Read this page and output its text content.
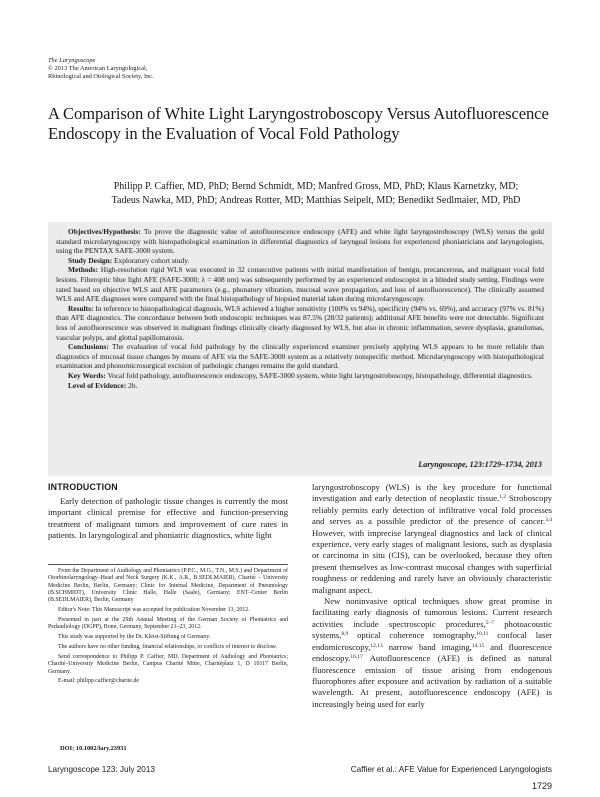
The Laryngoscope
© 2013 The American Laryngological,
Rhinological and Otological Society, Inc.
A Comparison of White Light Laryngostroboscopy Versus Autofluorescence Endoscopy in the Evaluation of Vocal Fold Pathology
Philipp P. Caffier, MD, PhD; Bernd Schmidt, MD; Manfred Gross, MD, PhD; Klaus Karnetzky, MD;
Tadeus Nawka, MD, PhD; Andreas Rotter, MD; Matthias Seipelt, MD; Benedikt Sedlmaier, MD, PhD

Objectives/Hypothesis: To prove the diagnostic value of autofluorescence endoscopy (AFE) and white light laryngostroboscopy (WLS) versus the gold standard microlaryngoscopy with histopathological examination in differential diagnostics of laryngeal lesions for experienced phoniatricians and laryngologists, using the PENTAX SAFE-3000 system.

Study Design: Exploratory cohort study.

Methods: High-resolution rigid WLS was executed in 32 consecutive patients with initial manifestation of benign, precancerous, and malignant vocal fold lesions. Fiberoptic blue light AFE (SAFE-3000; λ = 408 nm) was subsequently performed by an experienced endoscopist in a blinded study setting. Findings were rated based on objective WLS and AFE parameters (e.g., phonatory vibration, mucosal wave propagation, and loss of autofluorescence). The clinically assumed WLS and AFE diagnoses were compared with the final histopathology of biopsied material taken during microlaryngoscopy.

Results: In reference to histopathological diagnosis, WLS achieved a higher sensitivity (100% vs 94%), specificity (94% vs. 69%), and accuracy (97% vs. 81%) than AFE diagnostics. The concordance between both endoscopic techniques was 87.5% (28/32 patients); additional AFE benefits were not detectable. Significant loss of autofluorescence was observed in malignant findings clinically clearly diagnosed by WLS, but also in chronic inflammation, severe dysplasia, granulomas, vascular polyps, and glottal papillomatosis.

Conclusions: The evaluation of vocal fold pathology by the clinically experienced examiner precisely applying WLS appears to be more reliable than diagnostics of mucosal tissue changes by means of AFE via the SAFE-3000 system as a relatively nonspecific method. Microlaryngoscopy with histopathological examination and phonomicrosurgical excision of pathologic changes remains the gold standard.

Key Words: Vocal fold pathology, autofluorescence endoscopy, SAFE-3000 system, white light laryngostroboscopy, histopathology, differential diagnostics.

Level of Evidence: 2b.

Laryngoscope, 123:1729–1734, 2013
INTRODUCTION

Early detection of pathologic tissue changes is currently the most important clinical premise for effective and function-preserving treatment of malignant tumors and improvement of cure rates in patients. In laryngological and phoniatric diagnostics, white light

From the Department of Audiology and Phoniatrics (P.P.C., M.G., T.N., M.S.) and Department of Otorhinolaryngology–Head and Neck Surgery (K.K., A.R., B.SEDLMAIER), Charité – University Medicine Berlin, Berlin, Germany; Clinic for Internal Medicine, Department of Pneumology (B.SCHMIDT), University Clinic Halle, Halle (Saale), Germany; ENT–Center Berlin (B.SEDLMAIER), Berlin, Germany

Editor's Note: This Manuscript was accepted for publication November 13, 2012.

Presented in part at the 29th Annual Meeting of the German Society of Phoniatrics and Pedaudiology (DGPP), Bonn, Germany, September 21–23, 2012.

This study was supported by the Dr. Kleist-Stiftung of Germany.

The authors have no other funding, financial relationships, or conflicts of interest to disclose.

Send correspondence to Philipp P. Caffier, MD, Department of Audiology and Phoniatrics; Charité–University Medicine Berlin, Campus Charité Mitte, Charitéplatz 1, D 10117 Berlin, Germany.

E-mail: philipp.caffier@charite.de

DOI: 10.1002/lary.23931

laryngostroboscopy (WLS) is the key procedure for functional investigation and early detection of neoplastic tissue.$^{1,2}$ Stroboscopy reliably permits early detection of infiltrative vocal fold processes and serves as a possible predictor of the presence of cancer.$^{3,4}$ However, with imprecise laryngeal diagnostics and lack of clinical experience, very early stages of malignant lesions, such as dysplasia or carcinoma in situ (CIS), can be overlooked, because they often present themselves as low-contrast mucosal changes with superficial roughness or reddening and rarely have an obviously characteristic malignant aspect.

New noninvasive optical techniques show great promise in facilitating early diagnosis of tumorous lesions. Current research activities include spectroscopic procedures,$^{5-7}$ photoacoustic systems,$^{8,9}$ optical coherence tomography,$^{10,11}$ confocal laser endomicroscopy,$^{12,13}$ narrow band imaging,$^{14,15}$ and fluorescence endoscopy.$^{16,17}$ Autofluorescence (AFE) is defined as natural fluorescence emission of tissue arising from endogenous fluorophores after exposure and activation by radiation of a suitable wavelength. At present, autofluorescence endoscopy (AFE) is increasingly being used for early

Laryngoscope 123: July 2013	Caffier et al.: AFE Value for Experienced Laryngologists
1729
